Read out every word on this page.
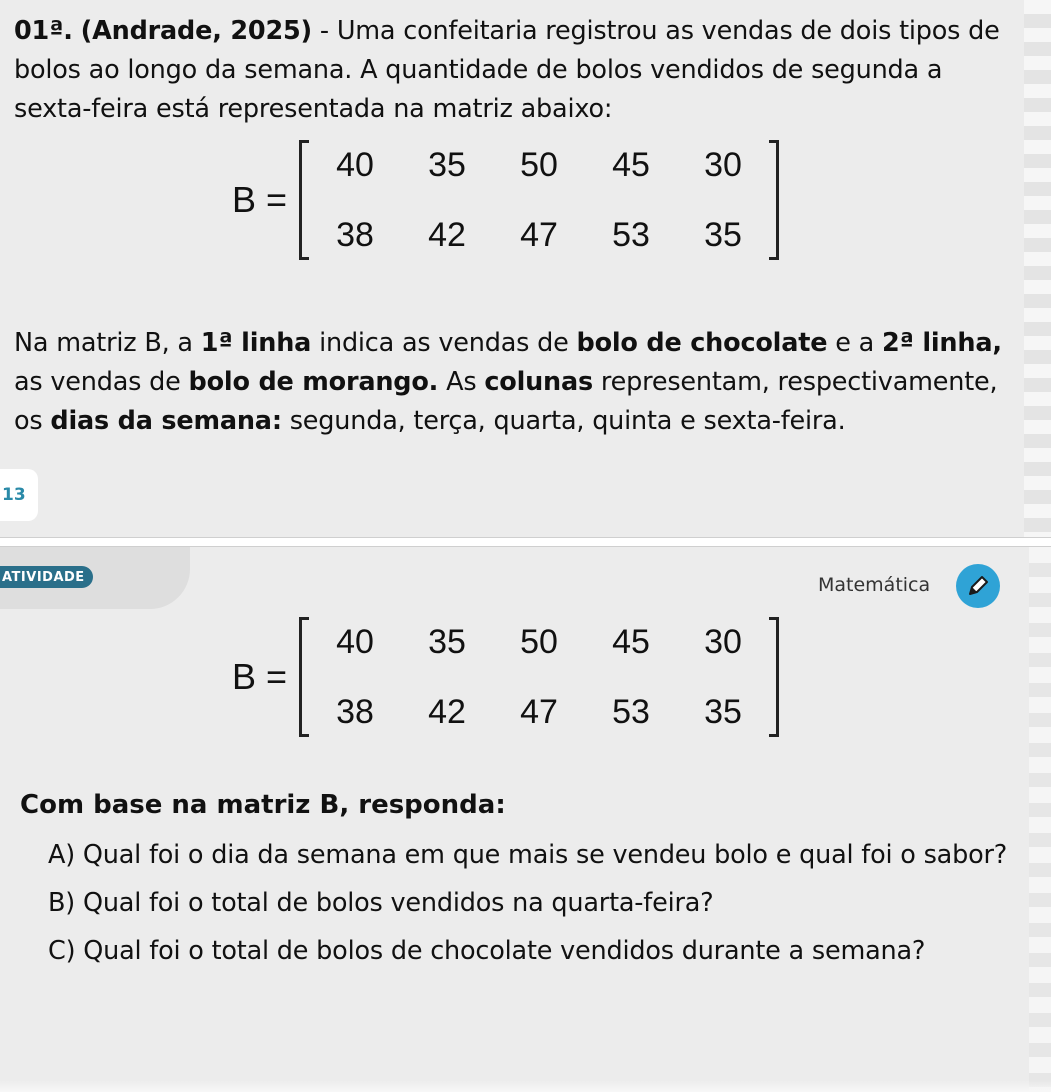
01ª. (Andrade, 2025) - Uma confeitaria registrou as vendas de dois tipos de bolos ao longo da semana. A quantidade de bolos vendidos de segunda a sexta-feira está representada na matriz abaixo:
B =
40	35	50	45	30
38	42	47	53	35
Na matriz B, a 1ª linha indica as vendas de bolo de chocolate e a 2ª linha, as vendas de bolo de morango. As colunas representam, respectivamente, os dias da semana: segunda, terça, quarta, quinta e sexta-feira.
13
ATIVIDADE	Matemática
B =
40	35	50	45	30
38	42	47	53	35
Com base na matriz B, responda:
A) Qual foi o dia da semana em que mais se vendeu bolo e qual foi o sabor?
B) Qual foi o total de bolos vendidos na quarta-feira?
C) Qual foi o total de bolos de chocolate vendidos durante a semana?
